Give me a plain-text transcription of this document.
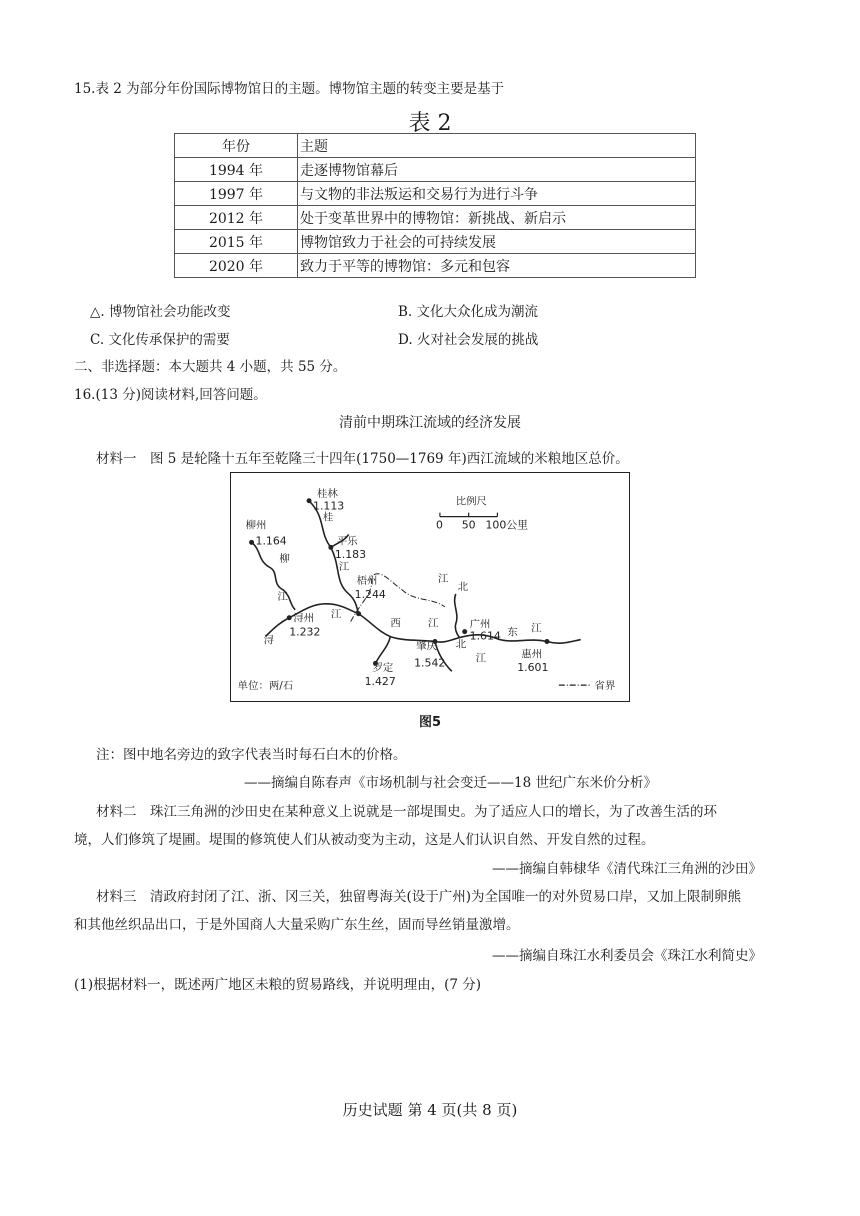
15.表 2 为部分年份国际博物馆日的主题。博物馆主题的转变主要是基于
表 2
年份	主题
1994 年	走逐博物馆幕后
1997 年	与文物的非法叛运和交易行为进行斗争
2012 年	处于变革世界中的博物馆：新挑战、新启示
2015 年	博物馆致力于社会的可持续发展
2020 年	致力于平等的博物馆：多元和包容
△. 博物馆社会功能改变	B. 文化大众化成为潮流
C. 文化传承保护的需要	D. 火对社会发展的挑战
二、非选择题：本大题共 4 小题，共 55 分。
16.(13 分)阅读材料,回答问题。
清前中期珠江流域的经济发展
材料一　图 5 是轮隆十五年至乾隆三十四年(1750—1769 年)西江流域的米粮地区总价。
桂林
1.113
柳州
1.164	平乐
1.183
梧州
1.244
浔州
1.232
肇庆
1.542
罗定
1.427
广州
1.614
惠州
1.601
桂
江
柳
江
浔
江
西	江
江
北
北
江
东 江
比例尺
0 50 100公里
单位：两/石	省界
图5
注：图中地名旁边的致字代表当时每石白木的价格。
——摘编自陈春声《市场机制与社会变迁——18 世纪广东米价分析》
材料二　珠江三角洲的沙田史在某种意义上说就是一部堤围史。为了适应人口的增长，为了改善生活的环
境，人们修筑了堤圃。堤围的修筑使人们从被动变为主动，这是人们认识自然、开发自然的过程。
——摘编自韩棣华《清代珠江三角洲的沙田》
材料三　清政府封闭了江、浙、冈三关，独留粤海关(设于广州)为全国唯一的对外贸易口岸，又加上限制卵熊
和其他丝织品出口，于是外国商人大量采购广东生丝，固而导丝销量激增。
——摘编自珠江水利委员会《珠江水利简史》
(1)根据材料一，既述两广地区未粮的贸易路线，并说明理由，(7 分)
历史试题 第 4 页(共 8 页)
